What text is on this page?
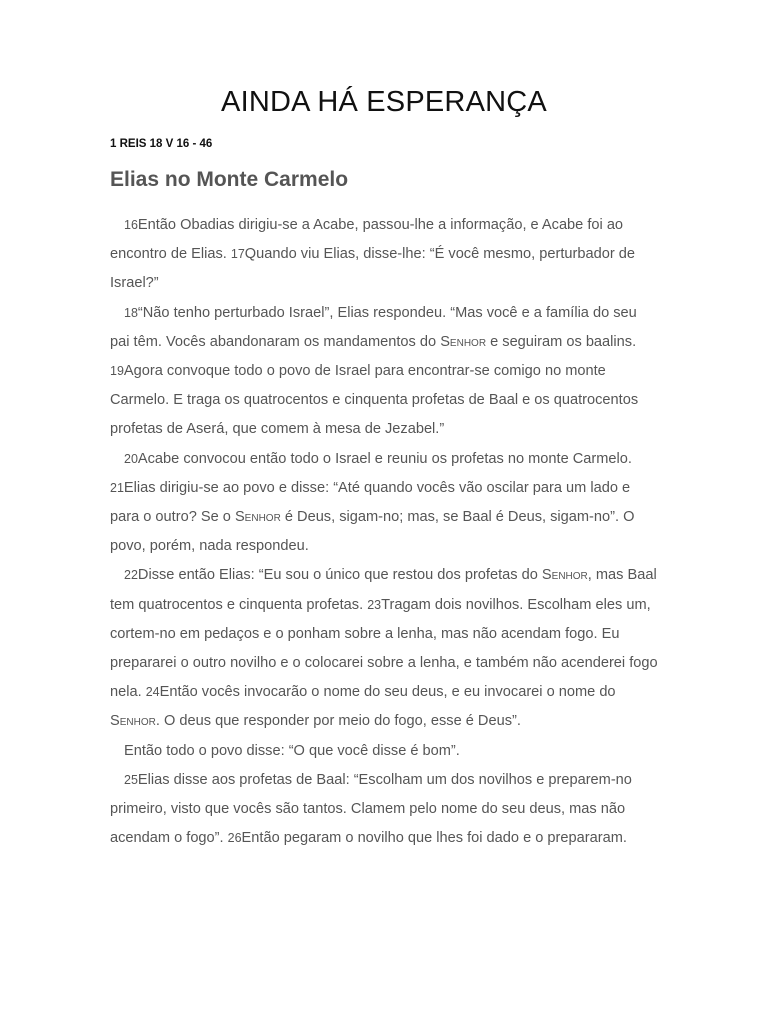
AINDA HÁ ESPERANÇA
1 REIS 18 V 16 - 46
Elias no Monte Carmelo

16Então Obadias dirigiu-se a Acabe, passou-lhe a informação, e Acabe foi ao encontro de Elias. 17Quando viu Elias, disse-lhe: “É você mesmo, perturbador de Israel?”

18“Não tenho perturbado Israel”, Elias respondeu. “Mas você e a família do seu pai têm. Vocês abandonaram os mandamentos do Senhor e seguiram os baalins. 19Agora convoque todo o povo de Israel para encontrar-se comigo no monte Carmelo. E traga os quatrocentos e cinquenta profetas de Baal e os quatrocentos profetas de Aserá, que comem à mesa de Jezabel.”

20Acabe convocou então todo o Israel e reuniu os profetas no monte Carmelo. 21Elias dirigiu-se ao povo e disse: “Até quando vocês vão oscilar para um lado e para o outro? Se o Senhor é Deus, sigam-no; mas, se Baal é Deus, sigam-no”. O povo, porém, nada respondeu.

22Disse então Elias: “Eu sou o único que restou dos profetas do Senhor, mas Baal tem quatrocentos e cinquenta profetas. 23Tragam dois novilhos. Escolham eles um, cortem-no em pedaços e o ponham sobre a lenha, mas não acendam fogo. Eu prepararei o outro novilho e o colocarei sobre a lenha, e também não acenderei fogo nela. 24Então vocês invocarão o nome do seu deus, e eu invocarei o nome do Senhor. O deus que responder por meio do fogo, esse é Deus”.

Então todo o povo disse: “O que você disse é bom”.

25Elias disse aos profetas de Baal: “Escolham um dos novilhos e preparem-no primeiro, visto que vocês são tantos. Clamem pelo nome do seu deus, mas não acendam o fogo”. 26Então pegaram o novilho que lhes foi dado e o prepararam.
